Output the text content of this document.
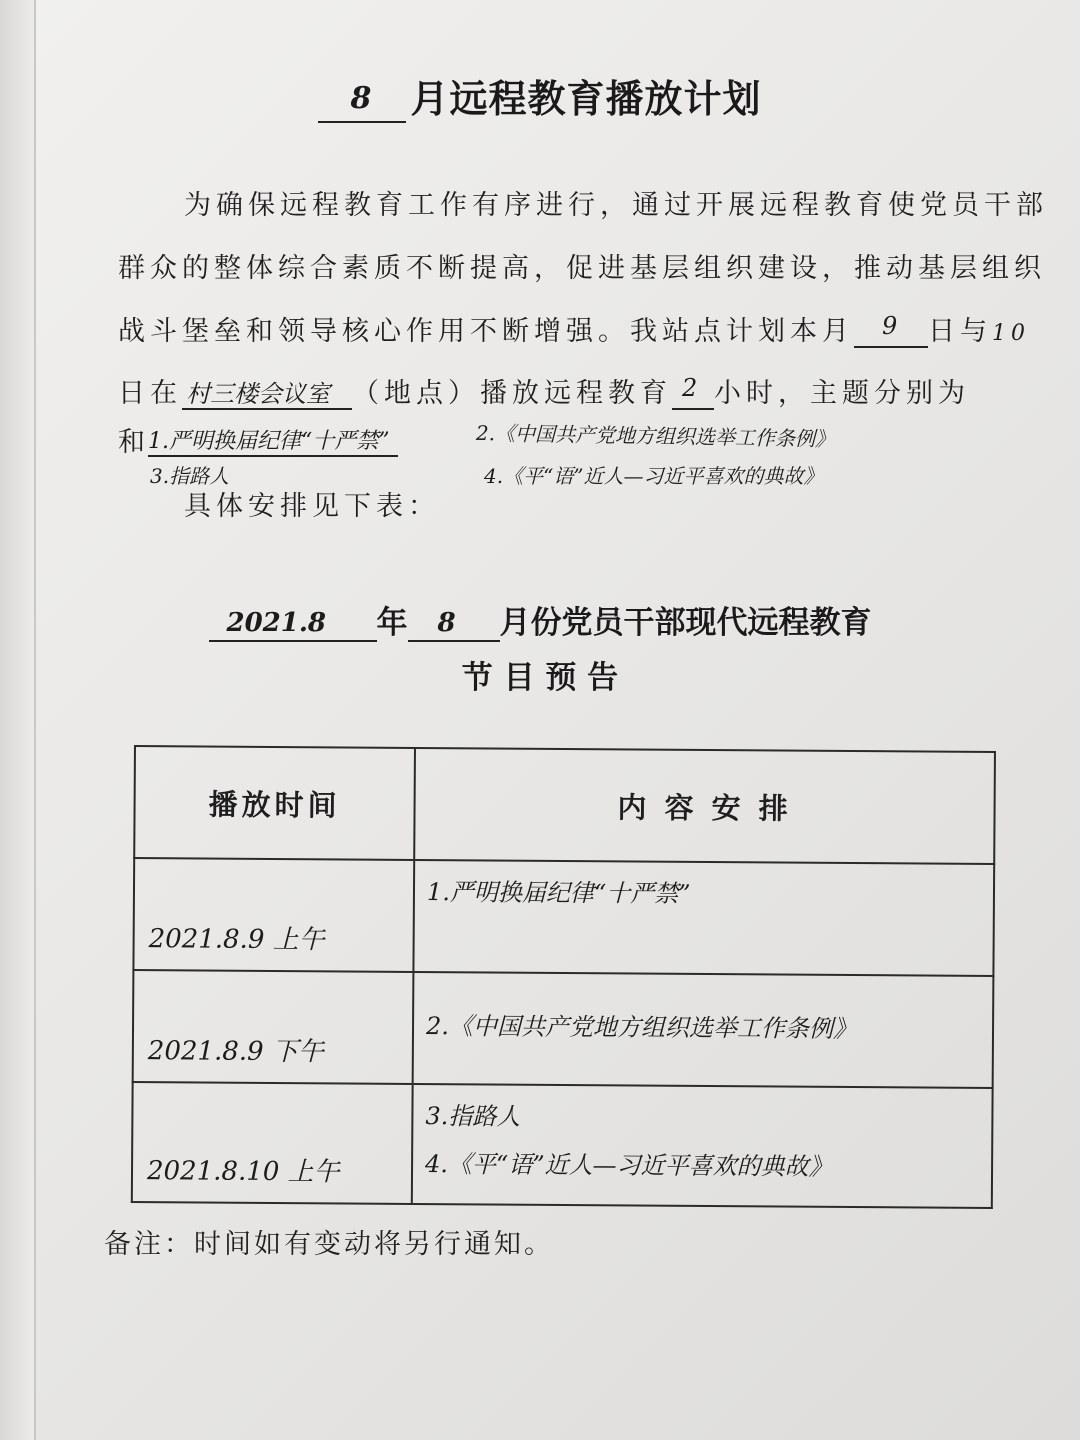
8 月远程教育播放计划
为确保远程教育工作有序进行，通过开展远程教育使党员干部
群众的整体综合素质不断提高，促进基层组织建设，推动基层组织
战斗堡垒和领导核心作用不断增强。我站点计划本月 9 日与10
日在 村三楼会议室 （地点）播放远程教育 2 小时，主题分别为
和
1.严明换届纪律“十严禁”	2.《中国共产党地方组织选举工作条例》
3.指路人	4.《平“语”近人—习近平喜欢的典故》
具体安排见下表：
2021.8 年 8 月份党员干部现代远程教育
节 目 预 告
播放时间	内 容 安 排

2021.8.9 上午	1.严明换届纪律“十严禁”

2021.8.9 下午	2.《中国共产党地方组织选举工作条例》

2021.8.10 上午	3.指路人
4.《平“语”近人—习近平喜欢的典故》
备注：时间如有变动将另行通知。
